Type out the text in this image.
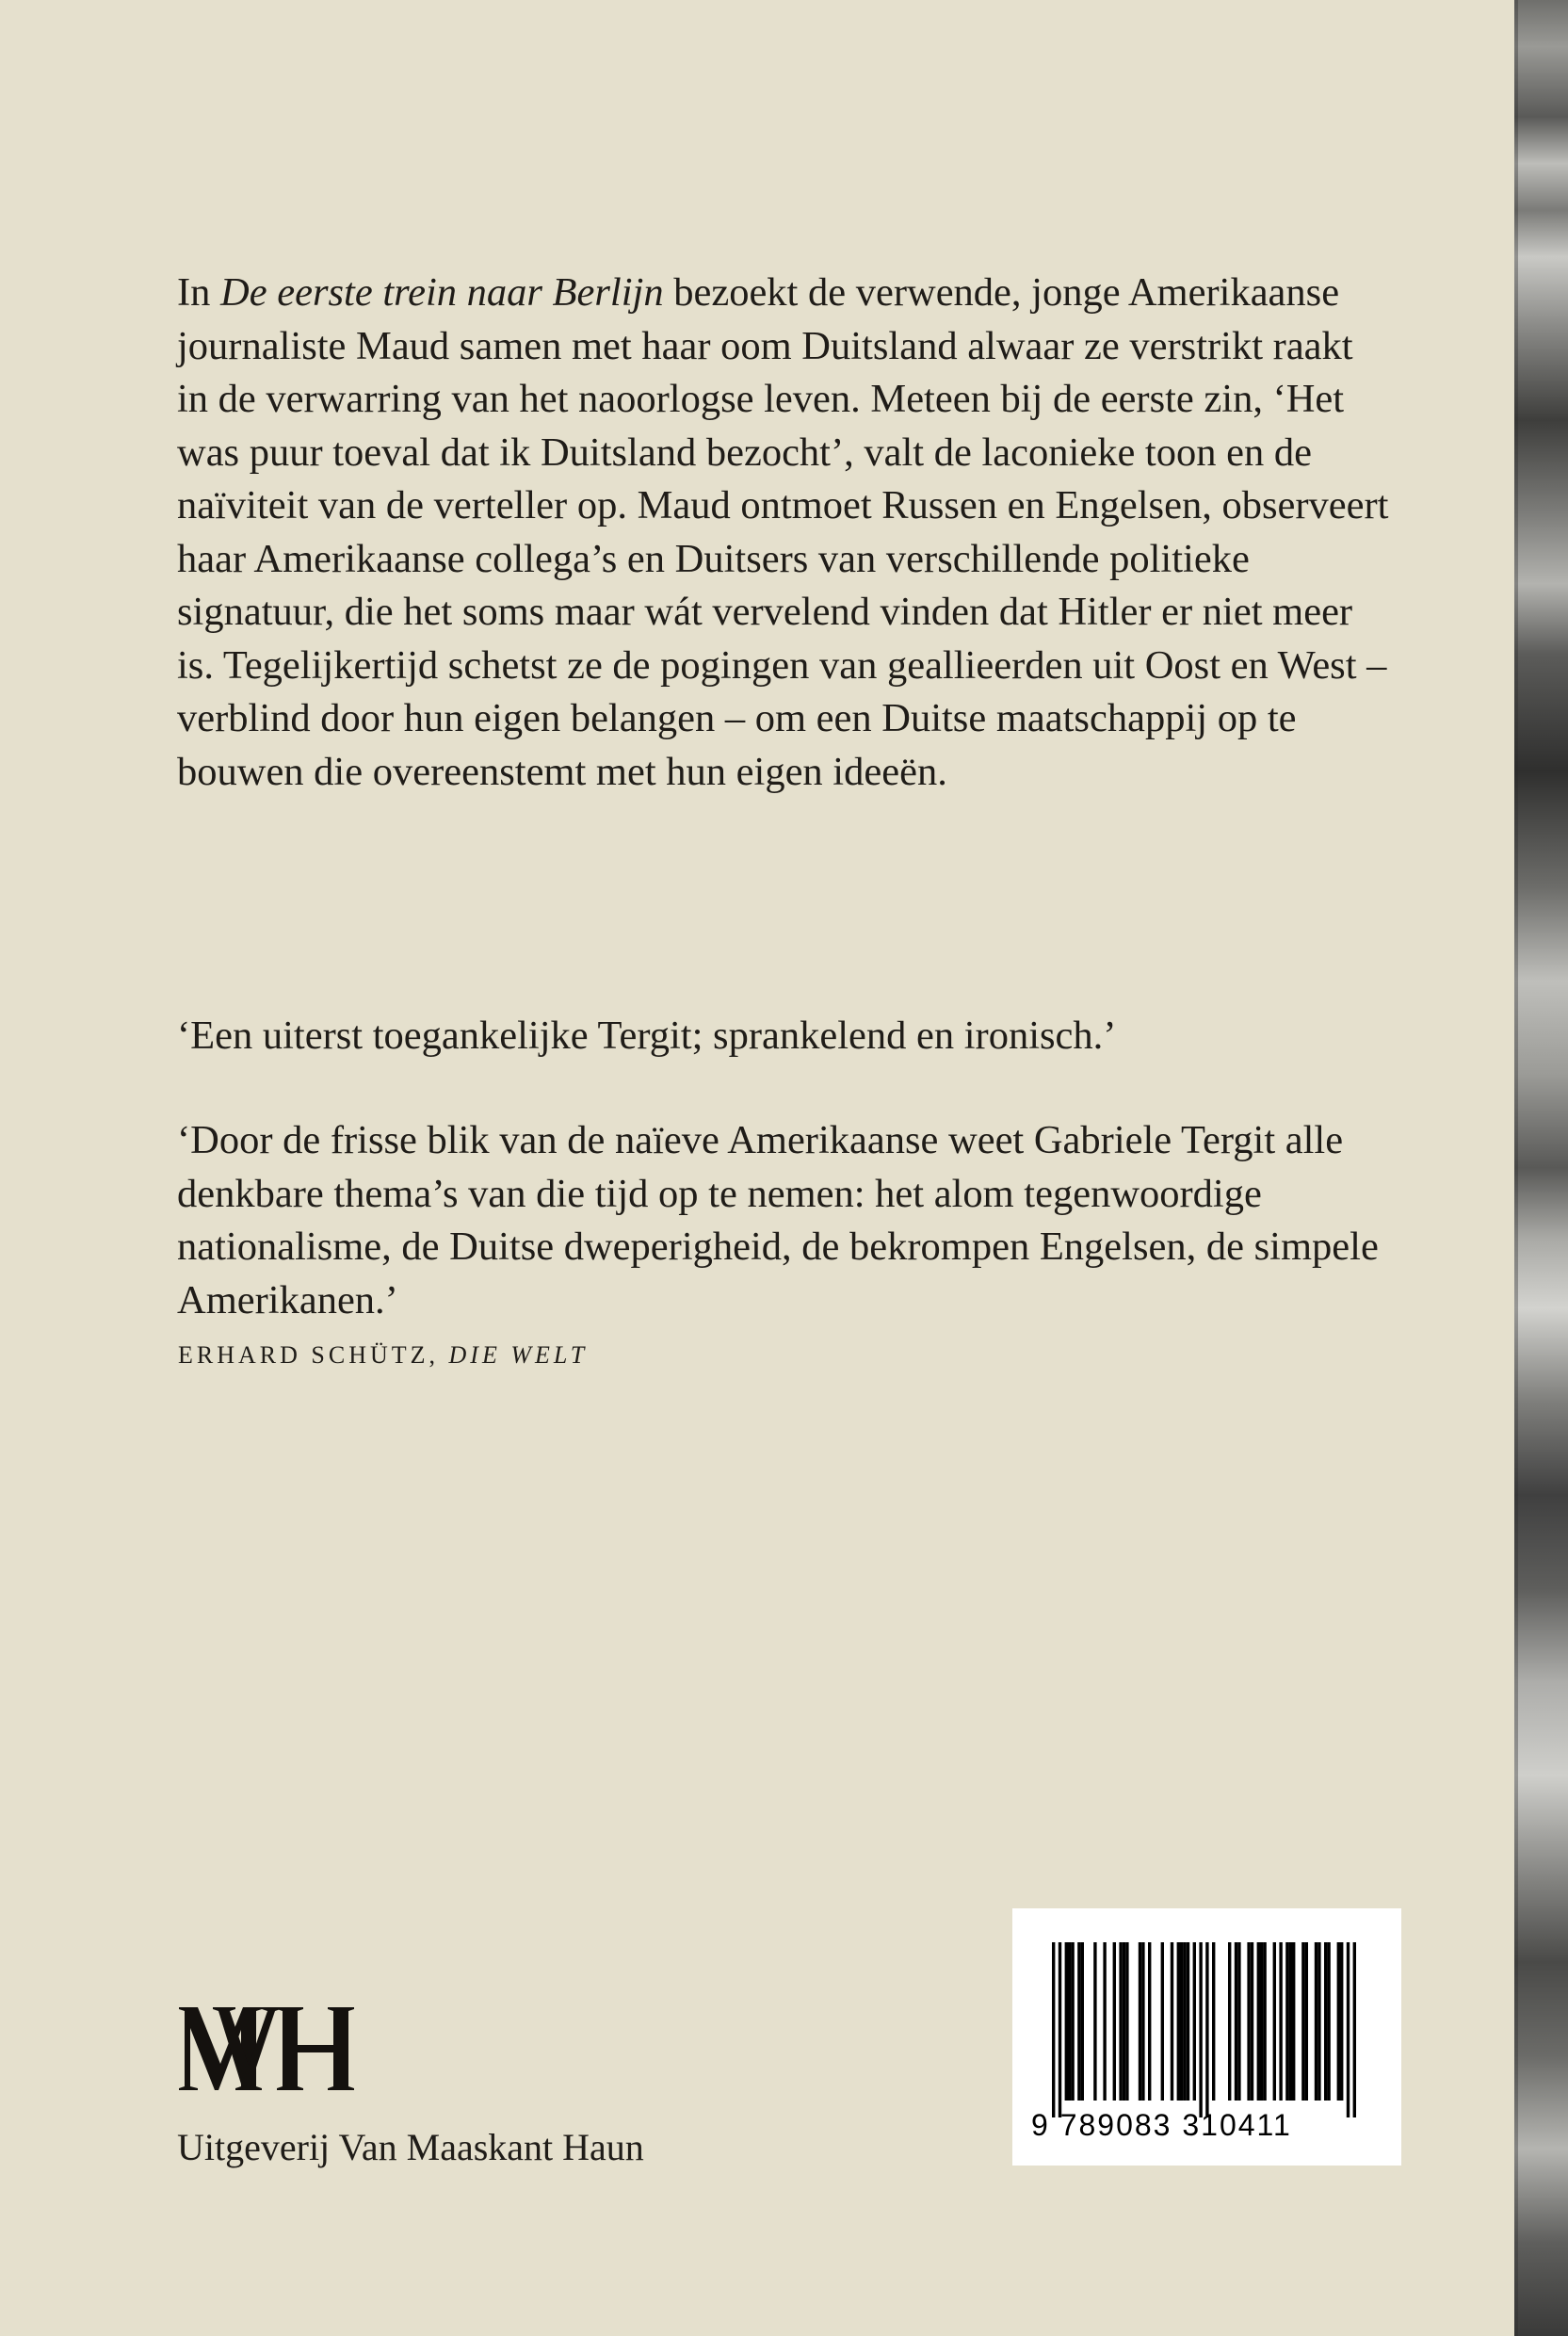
In De eerste trein naar Berlijn bezoekt de verwende, jonge Amerikaanse journaliste Maud samen met haar oom Duitsland alwaar ze verstrikt raakt in de verwarring van het naoorlogse leven. Meteen bij de eerste zin, ‘Het was puur toeval dat ik Duitsland bezocht’, valt de laconieke toon en de naïviteit van de verteller op. Maud ontmoet Russen en Engelsen, observeert haar Amerikaanse collega’s en Duitsers van verschillende politieke signatuur, die het soms maar wát vervelend vinden dat Hitler er niet meer is. Tegelijkertijd schetst ze de pogingen van geallieerden uit Oost en West – verblind door hun eigen belangen – om een Duitse maatschappij op te bouwen die overeenstemt met hun eigen ideeën.

‘Een uiterst toegankelijke Tergit; sprankelend en ironisch.’

‘Door de frisse blik van de naïeve Amerikaanse weet Gabriele Tergit alle denkbare thema’s van die tijd op te nemen: het alom tegenwoordige nationalisme, de Duitse dweperigheid, de bekrompen Engelsen, de simpele Amerikanen.’

ERHARD SCHÜTZ, DIE WELT
Uitgeverij Van Maaskant Haun
9 789083 310411
